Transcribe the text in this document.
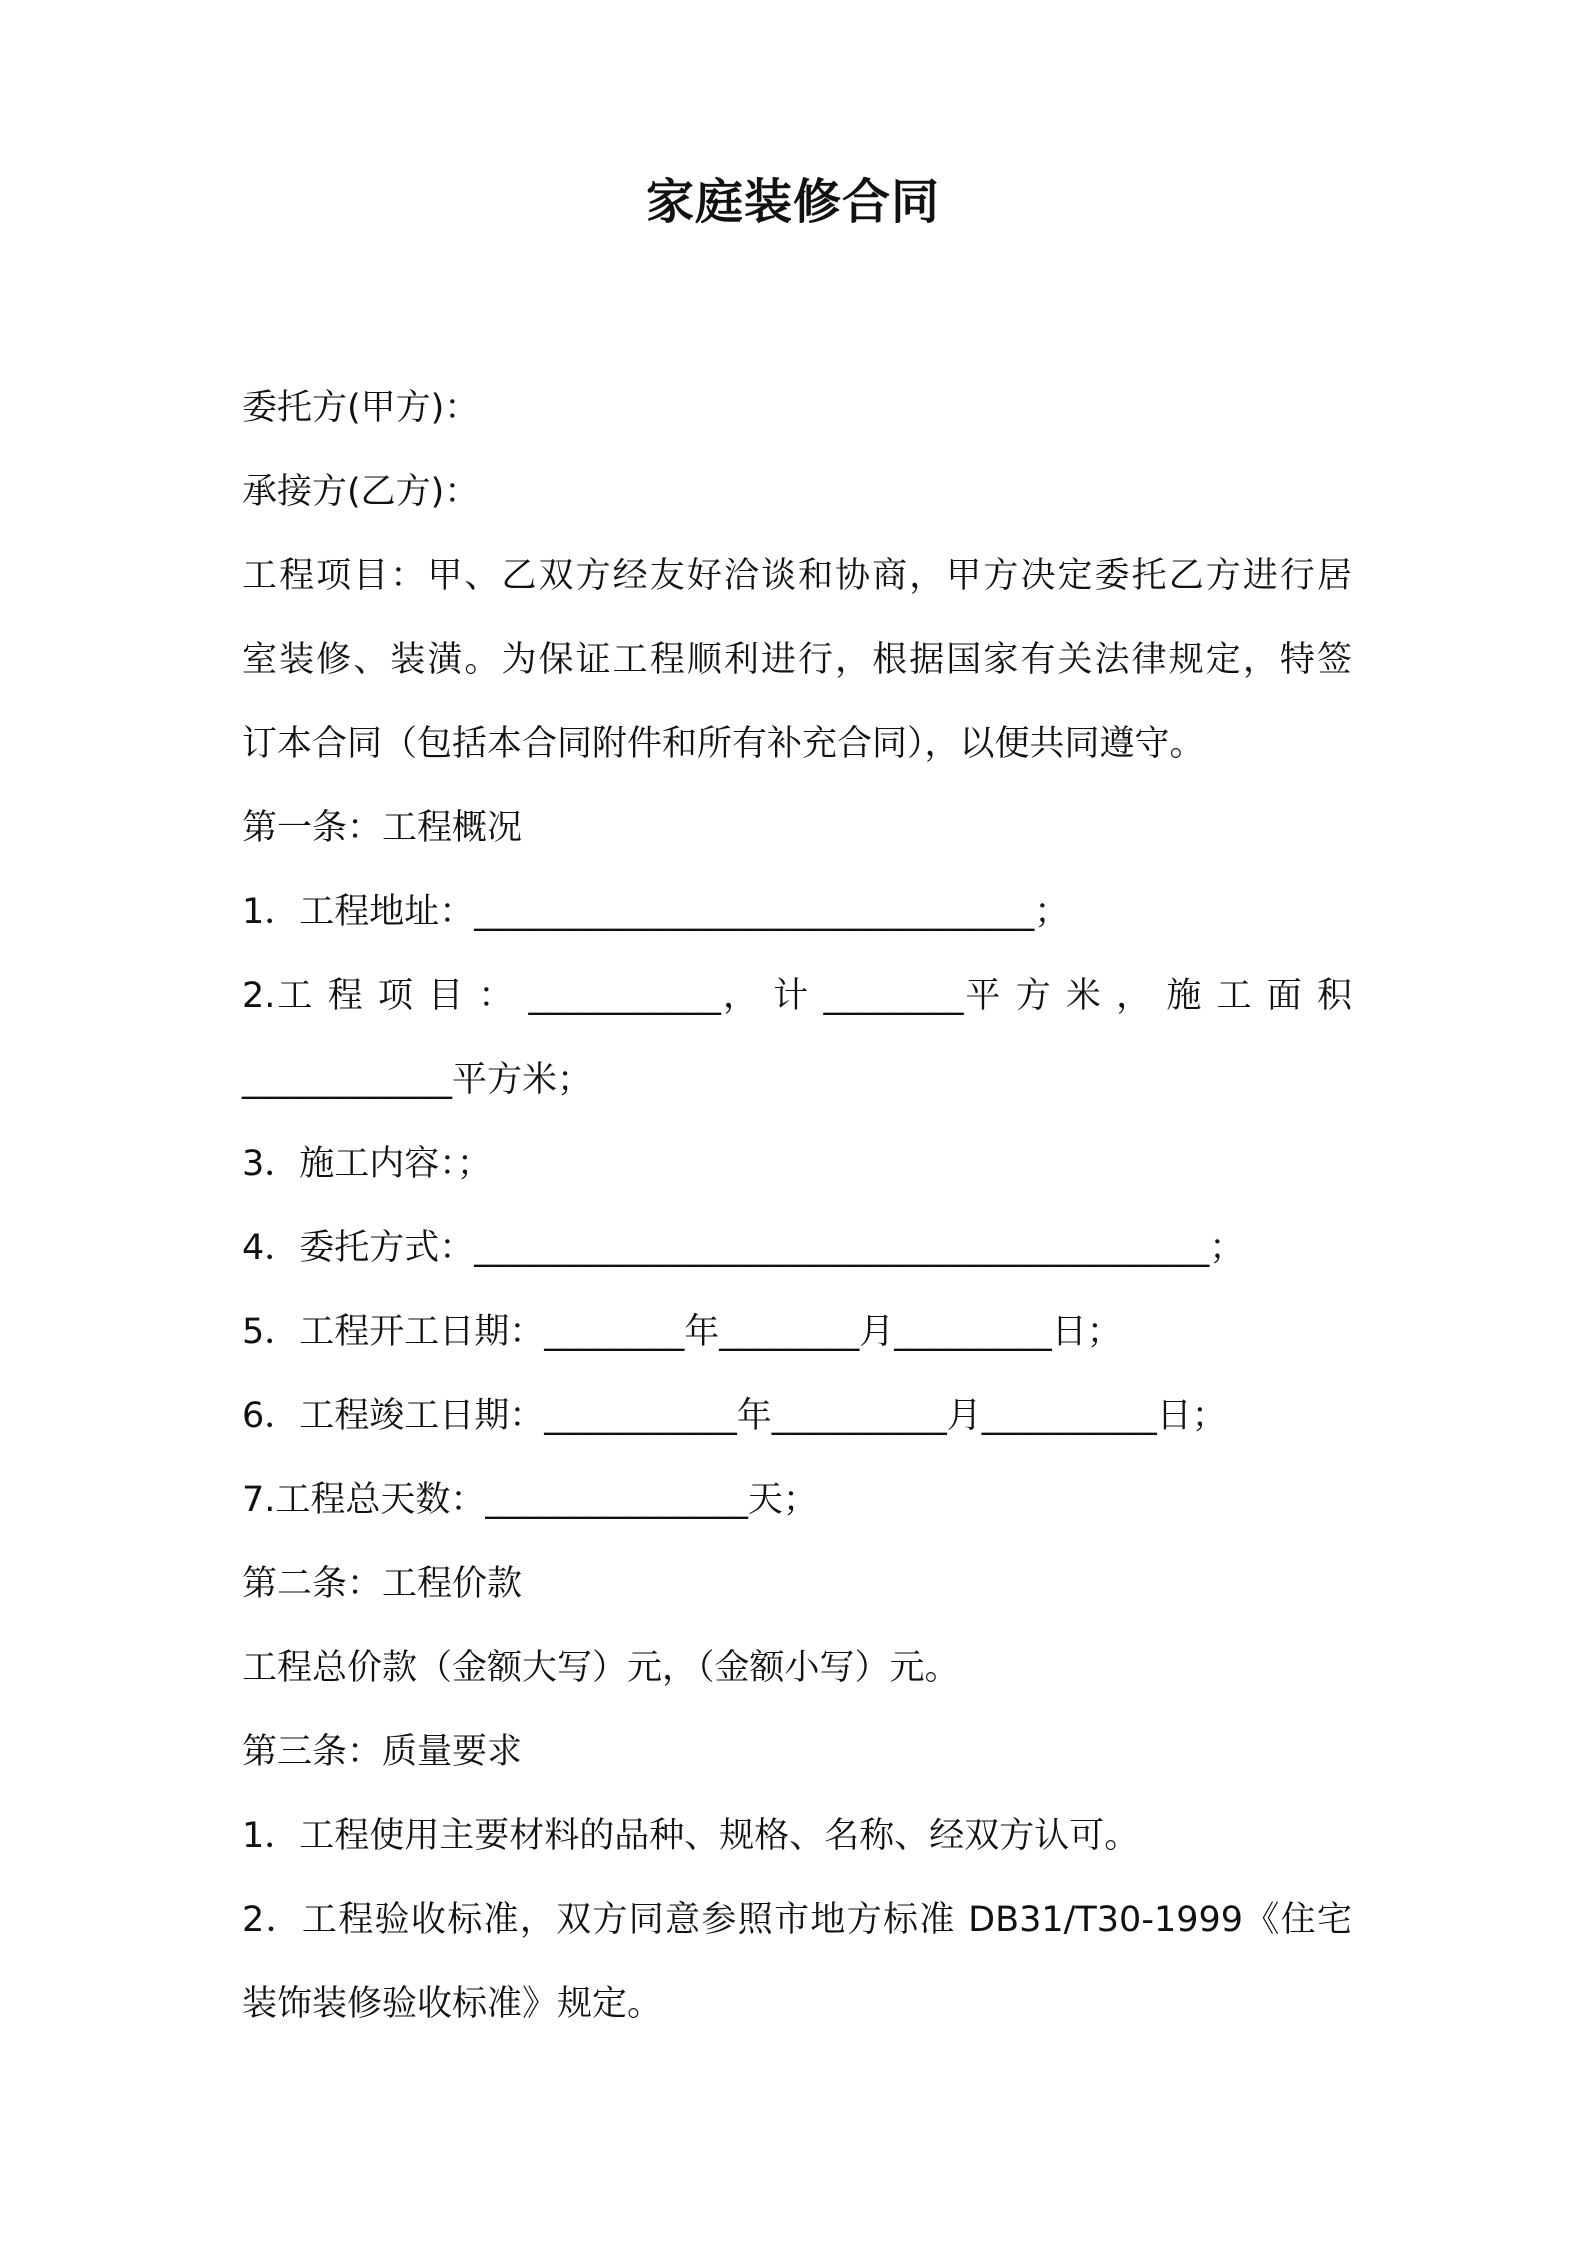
家庭装修合同
委托方(甲方)：
承接方(乙方)：
工程项目：甲、乙双方经友好洽谈和协商，甲方决定委托乙方进行居
室装修、装潢。为保证工程顺利进行，根据国家有关法律规定，特签
订本合同（包括本合同附件和所有补充合同），以便共同遵守。
第一条：工程概况
1．工程地址：________________________________；
2.工 程 项 目 ： ___________， 计 ________平 方 米 ， 施 工 面 积
____________平方米；
3．施工内容：；
4．委托方式：__________________________________________；
5．工程开工日期：________年________月_________日；
6．工程竣工日期：___________年__________月__________日；
7.工程总天数：_______________天；
第二条：工程价款
工程总价款（金额大写）元，（金额小写）元。
第三条：质量要求
1．工程使用主要材料的品种、规格、名称、经双方认可。
2．工程验收标准，双方同意参照市地方标准 DB31/T30-1999《住宅
装饰装修验收标准》规定。
